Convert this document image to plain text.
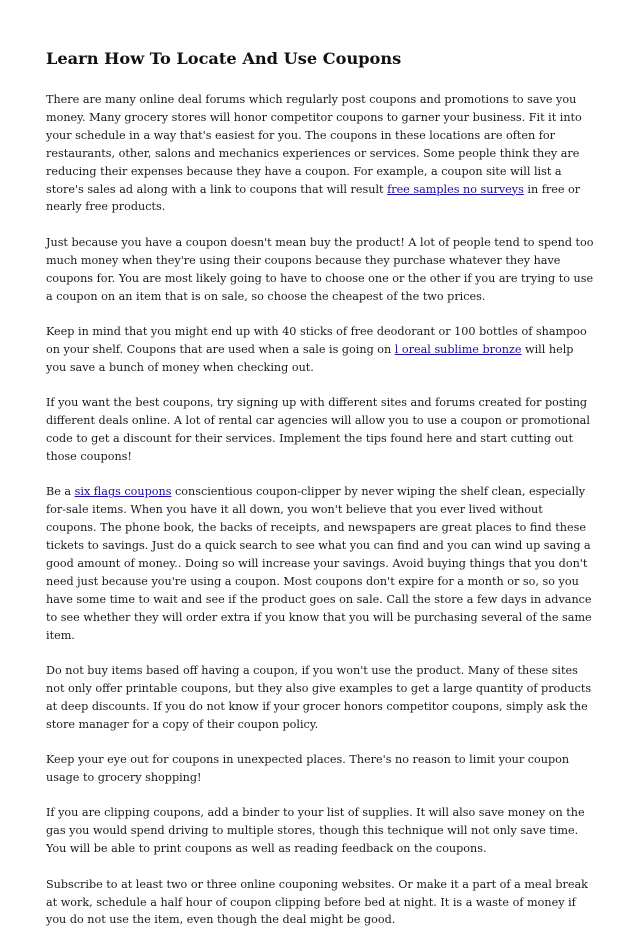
Learn How To Locate And Use Coupons

There are many online deal forums which regularly post coupons and promotions to save you money. Many grocery stores will honor competitor coupons to garner your business. Fit it into your schedule in a way that's easiest for you. The coupons in these locations are often for restaurants, other, salons and mechanics experiences or services. Some people think they are reducing their expenses because they have a coupon. For example, a coupon site will list a store's sales ad along with a link to coupons that will result free samples no surveys in free or nearly free products.

Just because you have a coupon doesn't mean buy the product! A lot of people tend to spend too much money when they're using their coupons because they purchase whatever they have coupons for. You are most likely going to have to choose one or the other if you are trying to use a coupon on an item that is on sale, so choose the cheapest of the two prices.

Keep in mind that you might end up with 40 sticks of free deodorant or 100 bottles of shampoo on your shelf. Coupons that are used when a sale is going on l oreal sublime bronze will help you save a bunch of money when checking out.

If you want the best coupons, try signing up with different sites and forums created for posting different deals online. A lot of rental car agencies will allow you to use a coupon or promotional code to get a discount for their services. Implement the tips found here and start cutting out those coupons!

Be a six flags coupons conscientious coupon-clipper by never wiping the shelf clean, especially for-sale items. When you have it all down, you won't believe that you ever lived without coupons. The phone book, the backs of receipts, and newspapers are great places to find these tickets to savings. Just do a quick search to see what you can find and you can wind up saving a good amount of money.. Doing so will increase your savings. Avoid buying things that you don't need just because you're using a coupon. Most coupons don't expire for a month or so, so you have some time to wait and see if the product goes on sale. Call the store a few days in advance to see whether they will order extra if you know that you will be purchasing several of the same item.

Do not buy items based off having a coupon, if you won't use the product. Many of these sites not only offer printable coupons, but they also give examples to get a large quantity of products at deep discounts. If you do not know if your grocer honors competitor coupons, simply ask the store manager for a copy of their coupon policy.

Keep your eye out for coupons in unexpected places. There's no reason to limit your coupon usage to grocery shopping!

If you are clipping coupons, add a binder to your list of supplies. It will also save money on the gas you would spend driving to multiple stores, though this technique will not only save time. You will be able to print coupons as well as reading feedback on the coupons.

Subscribe to at least two or three online couponing websites. Or make it a part of a meal break at work, schedule a half hour of coupon clipping before bed at night. It is a waste of money if you do not use the item, even though the deal might be good.
